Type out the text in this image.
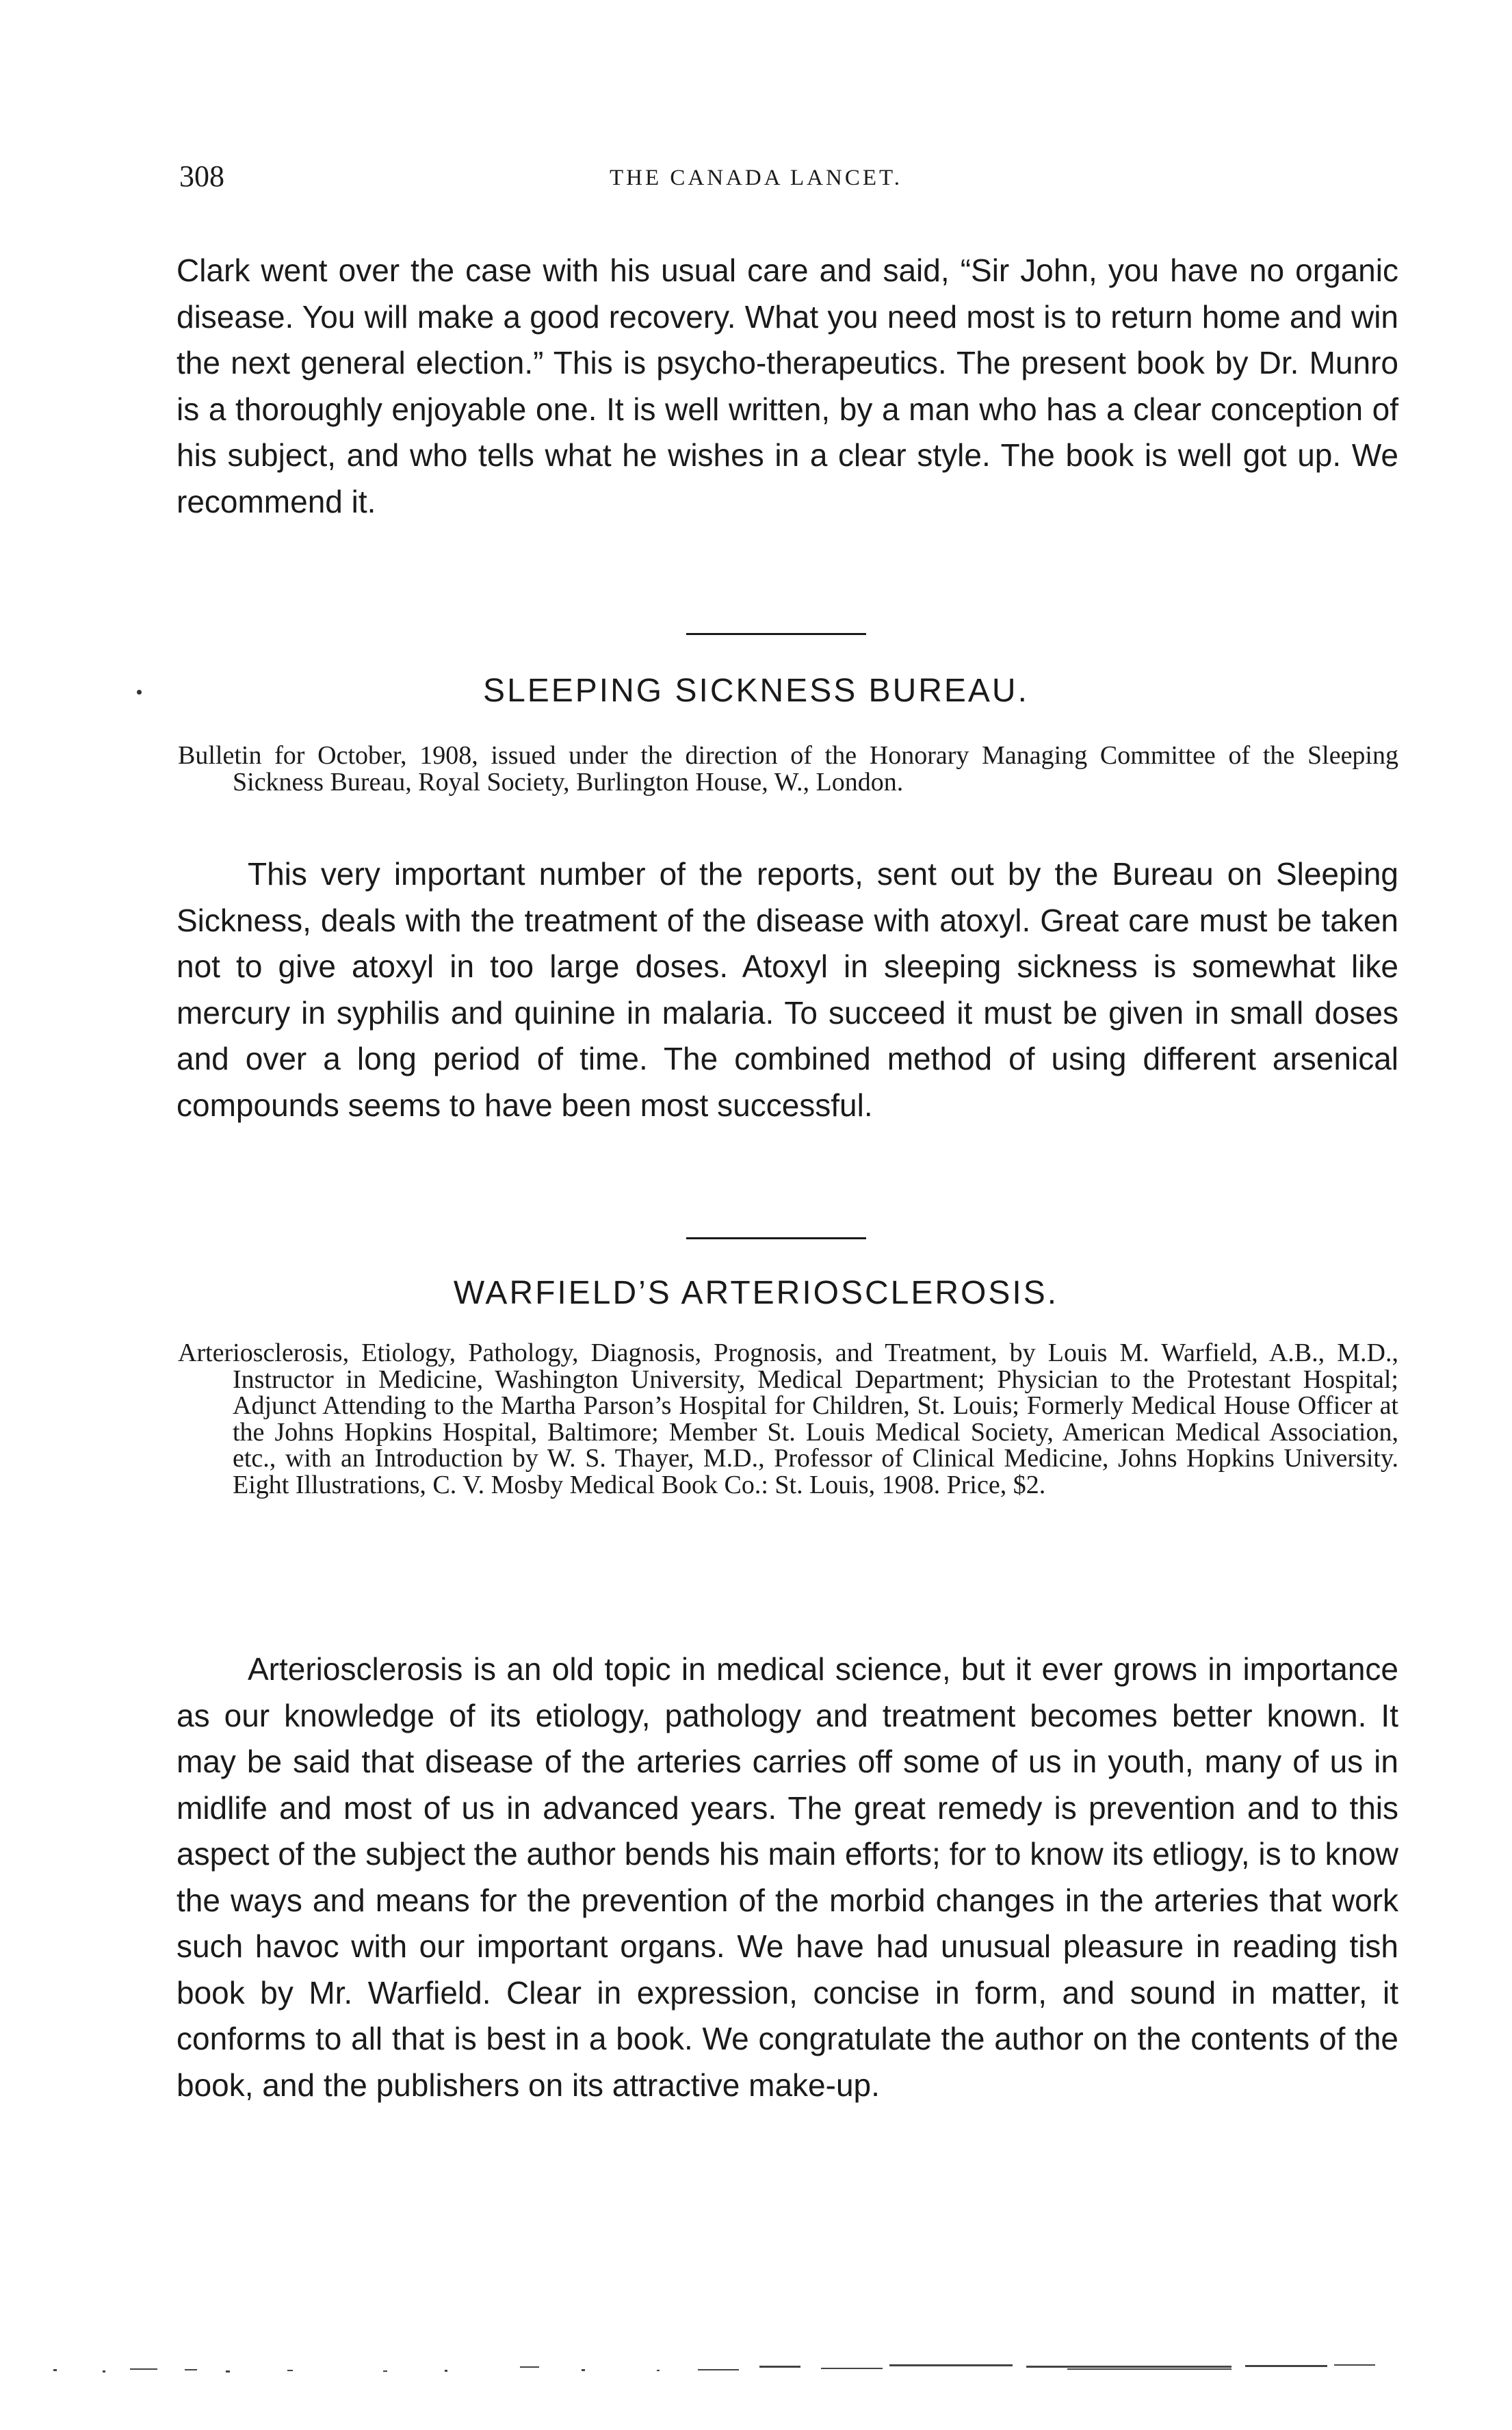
308	THE CANADA LANCET.

Clark went over the case with his usual care and said, “Sir John, you have no organic disease. You will make a good recovery. What you need most is to return home and win the next general election.” This is psycho-therapeutics. The present book by Dr. Munro is a thoroughly enjoyable one. It is well written, by a man who has a clear conception of his subject, and who tells what he wishes in a clear style. The book is well got up. We recommend it.

SLEEPING SICKNESS BUREAU.

Bulletin for October, 1908, issued under the direction of the Honorary Managing Committee of the Sleeping Sickness Bureau, Royal Society, Burlington House, W., London.

This very important number of the reports, sent out by the Bureau on Sleeping Sickness, deals with the treatment of the disease with atoxyl. Great care must be taken not to give atoxyl in too large doses. Atoxyl in sleeping sickness is somewhat like mercury in syphilis and quinine in malaria. To succeed it must be given in small doses and over a long period of time. The combined method of using different arsenical compounds seems to have been most successful.

WARFIELD’S ARTERIOSCLEROSIS.

Arteriosclerosis, Etiology, Pathology, Diagnosis, Prognosis, and Treatment, by Louis M. Warfield, A.B., M.D., Instructor in Medicine, Washington University, Medical Department; Physician to the Protestant Hospital; Adjunct Attending to the Martha Parson’s Hospital for Children, St. Louis; Formerly Medical House Officer at the Johns Hopkins Hospital, Baltimore; Member St. Louis Medical Society, American Medical Association, etc., with an Introduction by W. S. Thayer, M.D., Professor of Clinical Medicine, Johns Hopkins University. Eight Illustrations, C. V. Mosby Medical Book Co.: St. Louis, 1908. Price, $2.

Arteriosclerosis is an old topic in medical science, but it ever grows in importance as our knowledge of its etiology, pathology and treatment becomes better known. It may be said that disease of the arteries carries off some of us in youth, many of us in midlife and most of us in advanced years. The great remedy is prevention and to this aspect of the subject the author bends his main efforts; for to know its etliogy, is to know the ways and means for the prevention of the morbid changes in the arteries that work such havoc with our important organs. We have had unusual pleasure in reading tish book by Mr. Warfield. Clear in expression, concise in form, and sound in matter, it conforms to all that is best in a book. We congratulate the author on the contents of the book, and the publishers on its attractive make-up.
